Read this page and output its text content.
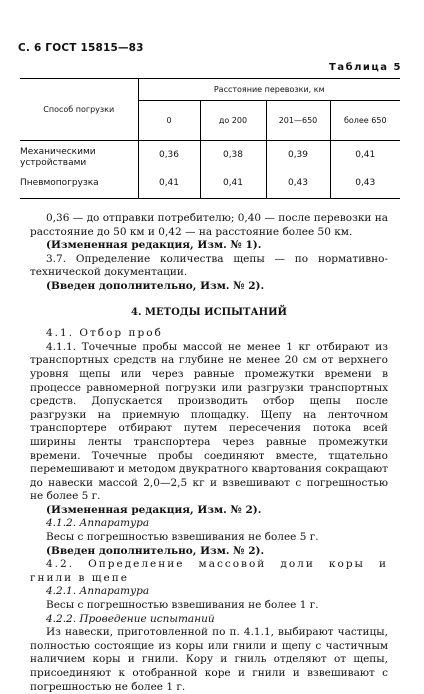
С. 6 ГОСТ 15815—83
Таблица 5
Способ погрузки	Расстояние перевозки, км			
	0	до 200	201—650	более 650
Механическими устройствами	0,36	0,38	0,39	0,41
Пневмопогрузка	0,41	0,41	0,43	0,43

0,36 — до отправки потребителю; 0,40 — после перевозки на расстояние до 50 км и 0,42 — на расстояние более 50 км.

(Измененная редакция, Изм. № 1).

3.7. Определение количества щепы — по нормативно-технической документации.

(Введен дополнительно, Изм. № 2).

4. МЕТОДЫ ИСПЫТАНИЙ

4.1. Отбор проб

4.1.1. Точечные пробы массой не менее 1 кг отбирают из транспортных средств на глубине не менее 20 см от верхнего уровня щепы или через равные промежутки времени в процессе равномерной погрузки или разгрузки транспортных средств. Допускается производить отбор щепы после разгрузки на приемную площадку. Щепу на ленточном транспортере отбирают путем пересечения потока всей ширины ленты транспортера через равные промежутки времени. Точечные пробы соединяют вместе, тщательно перемешивают и методом двукратного квартования сокращают до навески массой 2,0—2,5 кг и взвешивают с погрешностью не более 5 г.

(Измененная редакция, Изм. № 2).

4.1.2. Аппаратура

Весы с погрешностью взвешивания не более 5 г.

(Введен дополнительно, Изм. № 2).

4.2. Определение массовой доли коры и гнили в щепе

4.2.1. Аппаратура

Весы с погрешностью взвешивания не более 1 г.

4.2.2. Проведение испытаний

Из навески, приготовленной по п. 4.1.1, выбирают частицы, полностью состоящие из коры или гнили и щепу с частичным наличием коры и гнили. Кору и гниль отделяют от щепы, присоединяют к отобранной коре и гнили и взвешивают с погрешностью не более 1 г.
